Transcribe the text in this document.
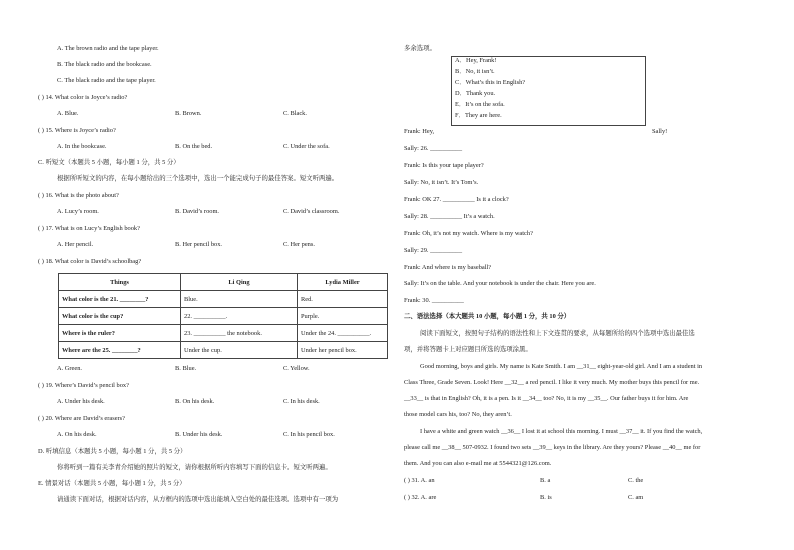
A. The brown radio and the tape player.
B. The black radio and the bookcase.
C. The black radio and the tape player.
( ) 14. What color is Joyce’s radio?
A. Blue.	B. Brown.	C. Black.
( ) 15. Where is Joyce’s radio?
A. In the bookcase.	B. On the bed.	C. Under the sofa.
C. 听短文（本题共 5 小题，每小题 1 分，共 5 分）
根据所听短文的内容，在每小题给出的三个选项中，选出一个能完成句子的最佳答案。短文听两遍。
( ) 16. What is the photo about?
A. Lucy’s room.	B. David’s room.	C. David’s classroom.
( ) 17. What is on Lucy’s English book?
A. Her pencil.	B. Her pencil box.	C. Her pens.
( ) 18. What color is David’s schoolbag?
Things	Li Qing	Lydia Miller
What color is the 21. ________?	Blue.	Red.
What color is the cup?	22. __________.	Purple.
Where is the ruler?	23. __________ the notebook.	Under the 24. __________.
Where are the 25. ________?	Under the cup.	Under her pencil box.
A. Green.	B. Blue.	C. Yellow.
( ) 19. Where’s David’s pencil box?
A. Under his desk.	B. On his desk.	C. In his desk.
( ) 20. Where are David’s erasers?
A. On his desk.	B. Under his desk.	C. In his pencil box.
D. 听填信息（本题共 5 小题，每小题 1 分，共 5 分）
你将听到一篇有关李青介绍她的照片的短文，请你根据所听内容填写下面的信息卡。短文听两遍。
E. 情景对话（本题共 5 小题，每小题 1 分，共 5 分）
请通读下面对话，根据对话内容，从方框内的选项中选出能填入空白处的最佳选项。选项中有一项为
多余选项。
A．Hey, Frank!
B．No, it isn’t.
C．What’s this in English?
D．Thank you.
E．It’s on the sofa.
F．They are here.
Frank: Hey,	Sally!
Sally: 26. __________
Frank: Is this your tape player?
Sally: No, it isn’t. It’s Tom’s.
Frank: OK 27. __________ Is it a clock?
Sally: 28. __________ It’s a watch.
Frank: Oh, it’s not my watch. Where is my watch?
Sally: 29. __________
Frank: And where is my baseball?
Sally: It’s on the table. And your notebook is under the chair. Here you are.
Frank: 30. __________
二、语法选择（本大题共 10 小题，每小题 1 分，共 10 分）
阅读下面短文，按照句子结构的语法性和上下文连贯的要求，从每题所给的四个选项中选出最佳选
项，并将答题卡上对应题目所选的选项涂黑。
Good morning, boys and girls. My name is Kate Smith. I am __31__ eight-year-old girl. And I am a student in
Class Three, Grade Seven. Look! Here __32__ a red pencil. I like it very much. My mother buys this pencil for me.
__33__ is that in English? Oh, it is a pen. Is it __34__ too? No, it is my __35__. Our father buys it for him. Are
those model cars his, too? No, they aren’t.
I have a white and green watch __36__ I lost it at school this morning. I must __37__ it. If you find the watch,
please call me __38__ 507-0932. I found two sets __39__ keys in the library. Are they yours? Please __40__ me for
them. And you can also e-mail me at 5544321@126.com.
( ) 31. A. an	B. a	C. the
( ) 32. A. are	B. is	C. am
